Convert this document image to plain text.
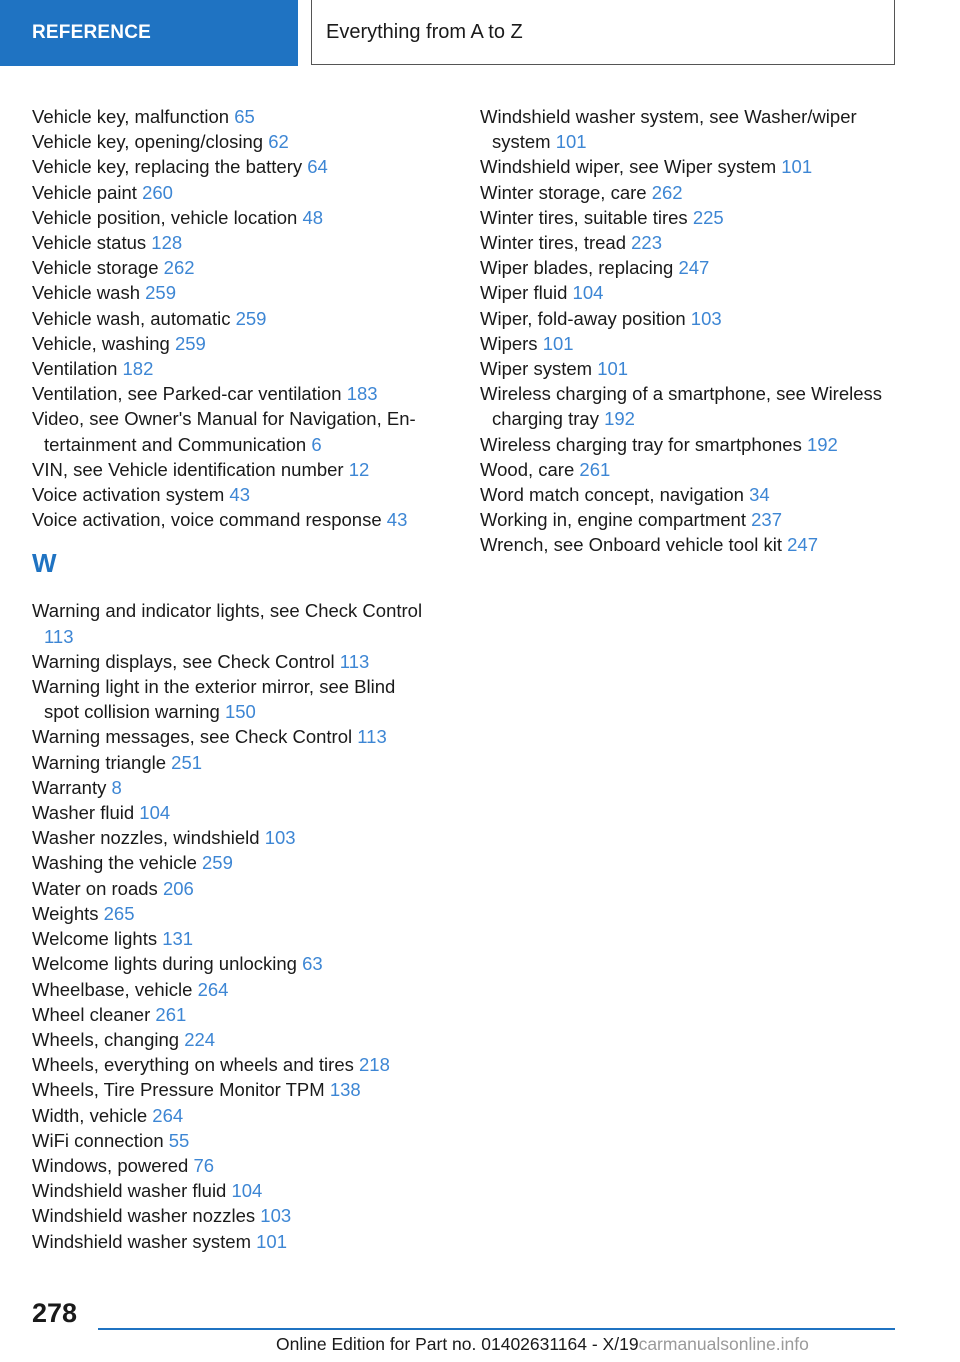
REFERENCE	Everything from A to Z
Vehicle key, malfunction 65
Vehicle key, opening/closing 62
Vehicle key, replacing the battery 64
Vehicle paint 260
Vehicle position, vehicle location 48
Vehicle status 128
Vehicle storage 262
Vehicle wash 259
Vehicle wash, automatic 259
Vehicle, washing 259
Ventilation 182
Ventilation, see Parked-car ventilation 183
Video, see Owner's Manual for Navigation, Entertainment and Communication 6
VIN, see Vehicle identification number 12
Voice activation system 43
Voice activation, voice command response 43
W
Warning and indicator lights, see Check Control 113
Warning displays, see Check Control 113
Warning light in the exterior mirror, see Blind spot collision warning 150
Warning messages, see Check Control 113
Warning triangle 251
Warranty 8
Washer fluid 104
Washer nozzles, windshield 103
Washing the vehicle 259
Water on roads 206
Weights 265
Welcome lights 131
Welcome lights during unlocking 63
Wheelbase, vehicle 264
Wheel cleaner 261
Wheels, changing 224
Wheels, everything on wheels and tires 218
Wheels, Tire Pressure Monitor TPM 138
Width, vehicle 264
WiFi connection 55
Windows, powered 76
Windshield washer fluid 104
Windshield washer nozzles 103
Windshield washer system 101
Windshield washer system, see Washer/wiper system 101
Windshield wiper, see Wiper system 101
Winter storage, care 262
Winter tires, suitable tires 225
Winter tires, tread 223
Wiper blades, replacing 247
Wiper fluid 104
Wiper, fold-away position 103
Wipers 101
Wiper system 101
Wireless charging of a smartphone, see Wireless charging tray 192
Wireless charging tray for smartphones 192
Wood, care 261
Word match concept, navigation 34
Working in, engine compartment 237
Wrench, see Onboard vehicle tool kit 247
278
Online Edition for Part no. 01402631164 - X/19carmanualsonline.info
